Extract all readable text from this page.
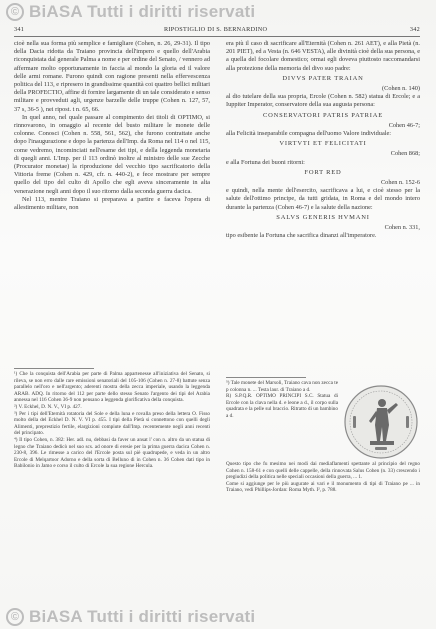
© BiASA Tutti i diritti riservati
341	RIPOSTIGLIO DI S. BERNARDINO	342

cioè nella sua forma più semplice e famigliare (Cohen, n. 26, 29-31). Il tipo della Dacia ridotta da Traiano provincia dell'impero e quello dell'Arabia riconquistata dal generale Palma a nome e per ordine del Senato, / vennero ad affermare molto opportunamente in faccia al mondo la gloria ed il valore delle armi romane. Furono quindi con ragione presenti nella effervescenza politica del 113, e ripresero in grandissime quantità coi quattro bellici militari della PROFECTIO, affine di fornire largamente di un tale considerato e senso militare e provveduti agli, urgenze barzelle delle truppe (Cohen n. 127, 57, 37 s, 36-5 ), nei ripost. t n. 65, 66.

In quel anno, nel quale passare al compimento dei titoli di OPTIMO, si rinnovarono, in omaggio al recente del busto militare le monete delle colonne. Conosci (Cohen n. 558, 561, 562), che furono contrattate anche dopo l'inaugurazione e dopo la partenza dell'Imp. da Roma nel 114 o nel 115, come vedremo, incominciati nell'esame dei tipi, e della leggenda monetaria di quegli anni. L'Imp. per il 113 ordinò inoltre al ministro delle sue Zecche (Procurator monetae) la riproduzione del vecchio tipo sacrificatorio della Vittoria freme (Cohen n. 429, cfr. n. 440-2), e fece mostrare per sempre quello del tipo del culto di Apollo che egli aveva sinceramente in alta venerazione negli anni dopo il suo ritorno dalla seconda guerra dacica.

Nel 113, mentre Traiano si preparava a partire e faceva l'opera di allestimento militare, non

era più il caso di sacrificare all'Eternità (Cohen n. 261 AET), e alla Pietà (n. 201 PIET), ed a Vesta (n. 646 VESTA), alle divinità cioè della sua persona, e a quella del focolare domestico; ormai egli doveva piuttosto raccomandarsi alla protezione della memoria del divo suo padre:

DIVVS PATER TRAIAN
(Cohen n. 140)

al dio tutelare della sua propria, Ercole (Cohen n. 582) statua di Ercole; e a Iuppiter Imperator, conservatore della sua augusta persona:

CONSERVATORI PATRIS PATRIAE
Cohen 46-7;

alla Felicità inseparabile compagna dell'uomo Valore individuale:

VIRTVTI ET FELICITATI
Cohen 868;

e alla Fortuna dei buoni ritorni:

FORT RED
Cohen n. 152-6

e quindi, nella mente dell'esercito, sacrificava a lui, e cioè stesso per la salute dell'ottimo principe, da tutti gridata, in Roma e del mondo intero durante la partenza (Cohen 46-7) e la salute della nazione:

SALVS GENERIS HVMANI
Cohen n. 331,

tipo esibente la Fortuna che sacrifica dinanzi all'imperatore.

¹) Che la conquista dell'Arabia per parte di Palma appartenesse all'iniziativa del Senato, si rileva, se non erro dalle rare emissioni senatoriali del 105-106 (Cohen n. 27-8) battute senza parallelo nell'oro e nell'argento; aderenti mostra della zecca imperiale, usando la leggenda ARAB. ADQ. In ritorno del 112 per parte dello stesso Senato l'argento dei tipi del Arabia annessa nel 116 Cohen 36-9 non pensano a leggenda glorificativa della conquista.
²) V. Eckhel, D. N. V., VI p. 427.
³) Per i tipi dell'Eternità rotatoria del Sole e della luna e rovalla preso della lettera O. Fisso molto della del Eckhel D. N. V. VI p. 455. I tipi della Pietà si connettono con quelli degli Alimenti, preprestizio fertile, elargizioni compiute dall'Imp. recentemente negli anni recenti del principato.
⁴) Il tipo Cohen, n. 382: Her. adl. nu, debbasi da faver un ansat l' con n. altro da un statua di legno che Traiano dedicò nel suo scs. ad onore di eresie per la prima guerra dacica Cohen n. 230-8, 396. Le rimesse a carico del l'Ercole posta sul piè quadrupede, e veda in un altro Ercole di Melqartoor Adorno e della sorta di Belluno di in Cohen n. 36 Cohen dati tipo in Babilonio in Jamo e corso il culto di Ercole la sua regione Hercula.
⁵) Tale monete del Marsoli, Traiano cava non zecca te p colonna n. ... Testa laur. di Traiano a d.
R) S.P.Q.R. OPTIMO PRINCIPI S.C. Statua di Ercole con la clava nella d. e leone a d., il corpo sulla quadrata e la pelle sul braccio. Ritratto di un bambino a d.
Questo tipo che fu mesimo nei modi dai mediaflamenti spettante al principio del regno Cohen n. 158-61 e con quelli delle cappelle, della rinnovata Salus Cohen (n. 33) crescendo i pregiudizi della politica nelle speciali occasioni della guerra, ... 1.
Come si aggiunge per le più augurate ai vari e il monumento di tipi di Traiano pe ... in Traiano, vedi Phillips-Jordan: Roma Myth. I², p. 788.
© BiASA Tutti i diritti riservati
